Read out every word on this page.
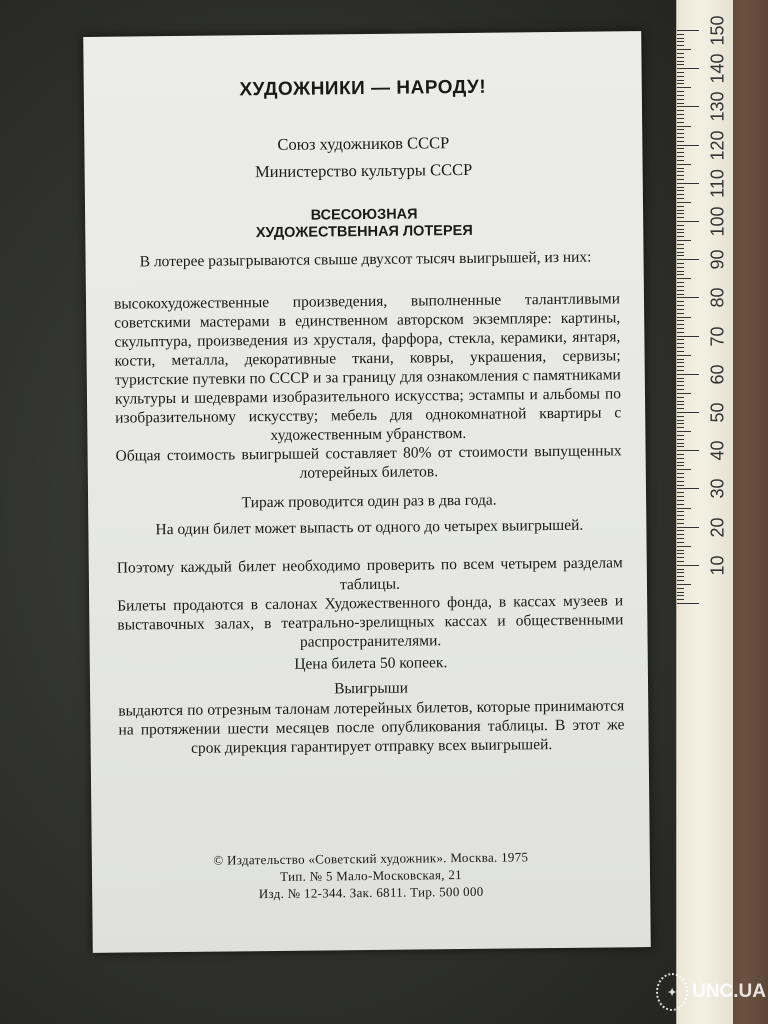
150
140
130
120
110
100
90
80
70
60
50
40
30
20
10
ХУДОЖНИКИ — НАРОДУ!
Союз художников СССР
Министерство культуры СССР
ВСЕСОЮЗНАЯ
ХУДОЖЕСТВЕННАЯ ЛОТЕРЕЯ
В лотерее разыгрываются свыше двухсот тысяч выигрышей, из них:
высокохудожественные произведения, выполненные талантливыми советскими мастерами в единственном авторском экземпляре: картины, скульптура, произведения из хрусталя, фарфора, стекла, керамики, янтаря, кости, металла, декоративные ткани, ковры, украшения, сервизы; туристские путевки по СССР и за границу для ознакомления с памятниками культуры и шедеврами изобразительного искусства; эстампы и альбомы по изобразительному искусству; мебель для однокомнатной квартиры с художественным убранством.
Общая стоимость выигрышей составляет 80% от стоимости выпущенных лотерейных билетов.
Тираж проводится один раз в два года.
На один билет может выпасть от одного до четырех выигрышей.
Поэтому каждый билет необходимо проверить по всем четырем разделам таблицы.
Билеты продаются в салонах Художественного фонда, в кассах музеев и выставочных залах, в театрально-зрелищных кассах и общественными распространителями.
Цена билета 50 копеек.
Выигрыши
выдаются по отрезным талонам лотерейных билетов, которые принимаются на протяжении шести месяцев после опубликования таблицы. В этот же срок дирекция гарантирует отправку всех выигрышей.
© Издательство «Советский художник». Москва. 1975
Тип. № 5 Мало-Московская, 21
Изд. № 12-344. Зак. 6811. Тир. 500 000
✦ UNC.UA
